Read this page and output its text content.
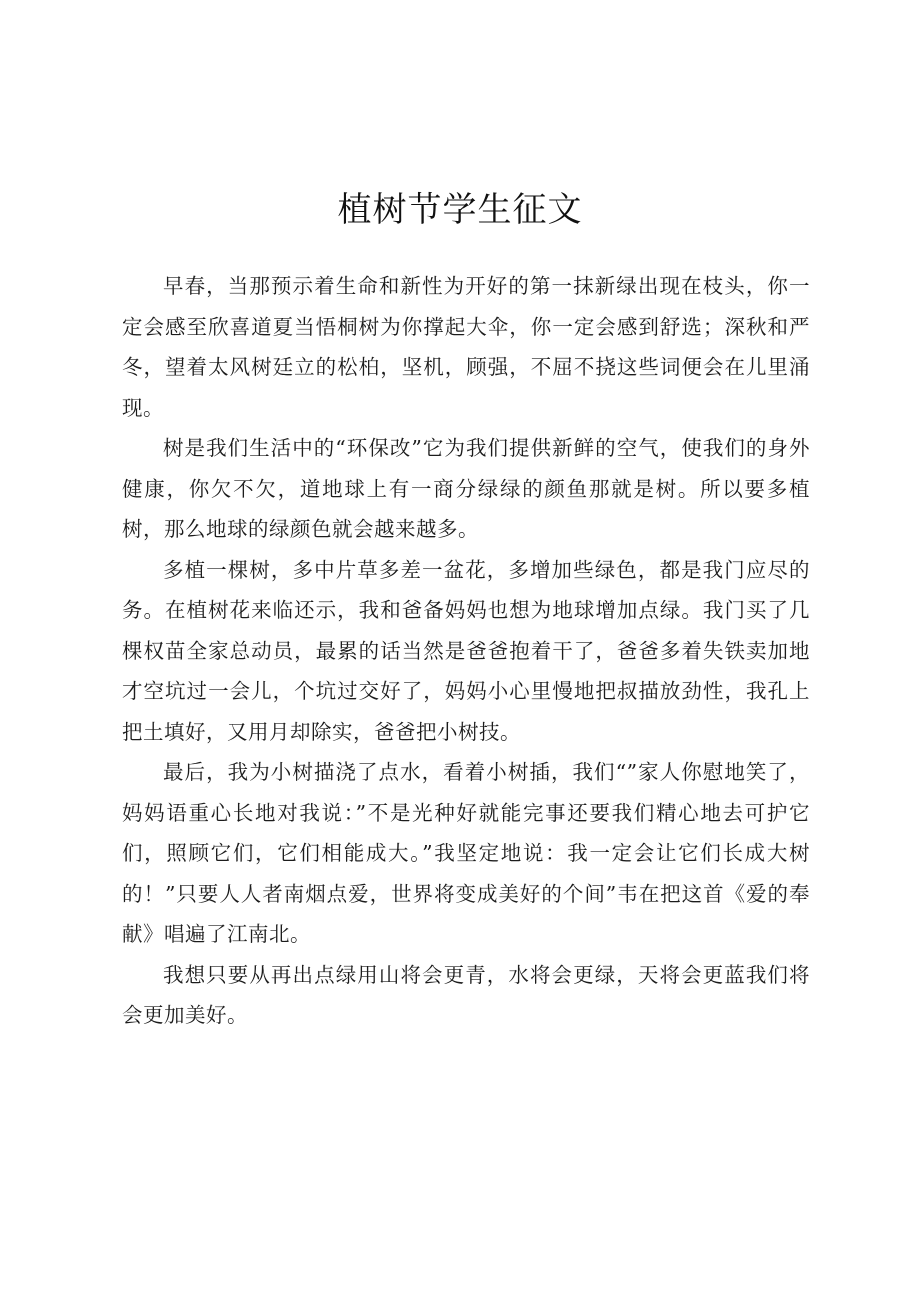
植树节学生征文

早春，当那预示着生命和新性为开好的第一抹新绿出现在枝头，你一定会感至欣喜道夏当悟桐树为你撑起大伞，你一定会感到舒选；深秋和严冬，望着太风树廷立的松柏，坚机，顾强，不屈不挠这些词便会在儿里涌现。

树是我们生活中的“环保改”它为我们提供新鲜的空气，使我们的身外健康，你欠不欠，道地球上有一商分绿绿的颜鱼那就是树。所以要多植树，那么地球的绿颜色就会越来越多。

多植一棵树，多中片草多差一盆花，多增加些绿色，都是我门应尽的务。在植树花来临还示，我和爸备妈妈也想为地球增加点绿。我门买了几棵权苗全家总动员，最累的话当然是爸爸抱着干了，爸爸多着失铁卖加地才空坑过一会儿，个坑过交好了，妈妈小心里慢地把叔描放劲性，我孔上把土填好，又用月却除实，爸爸把小树技。

最后，我为小树描浇了点水，看着小树插，我们“”家人你慰地笑了，妈妈语重心长地对我说：”不是光种好就能完事还要我们精心地去可护它们，照顾它们，它们相能成大。”我坚定地说：我一定会让它们长成大树的！”只要人人者南烟点爱，世界将变成美好的个间”韦在把这首《爱的奉献》唱遍了江南北。

我想只要从再出点绿用山将会更青，水将会更绿，天将会更蓝我们将会更加美好。
